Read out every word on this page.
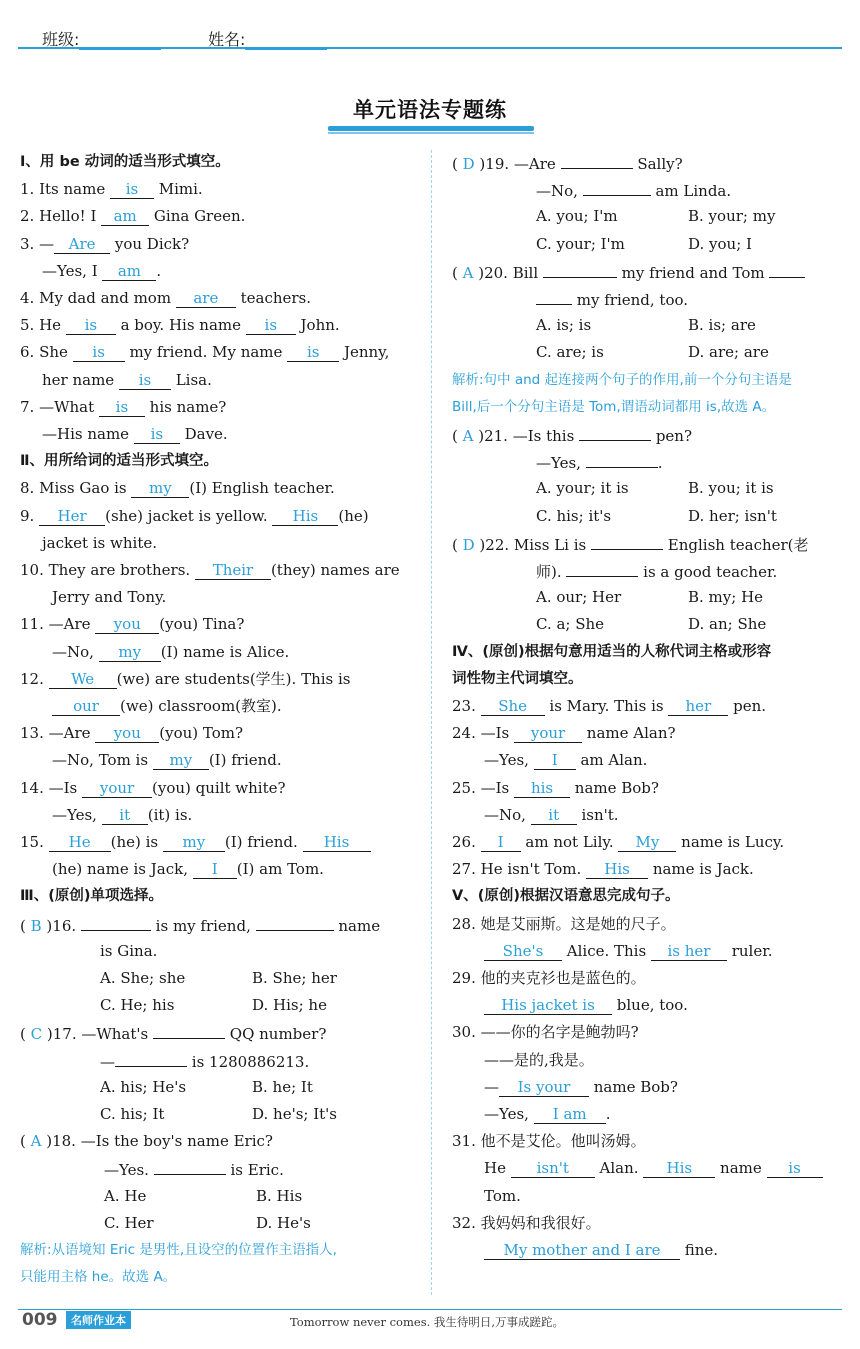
班级:	姓名:
单元语法专题练
Ⅰ、用 be 动词的适当形式填空。
1. Its name is Mimi.
2. Hello! I am Gina Green.
3. — Are you Dick?
—Yes, I am .
4. My dad and mom are teachers.
5. He is a boy. His name is John.
6. She is my friend. My name is Jenny,
her name is Lisa.
7. —What is his name?
—His name is Dave.
Ⅱ、用所给词的适当形式填空。
8. Miss Gao is my (I) English teacher.
9. Her (she) jacket is yellow. His (he)
jacket is white.
10. They are brothers. Their (they) names are
Jerry and Tony.
11. —Are you (you) Tina?
—No, my (I) name is Alice.
12. We (we) are students(学生). This is
our (we) classroom(教室).
13. —Are you (you) Tom?
—No, Tom is my (I) friend.
14. —Is your (you) quilt white?
—Yes, it (it) is.
15. He (he) is my (I) friend. His
(he) name is Jack, I (I) am Tom.
Ⅲ、(原创)单项选择。
( B )16.	is my friend,	name
is Gina.
A. She; she	B. She; her
C. He; his	D. His; he
( C )17. —What's	QQ number?
—	is 1280886213.
A. his; He's	B. he; It
C. his; It	D. he's; It's
( A )18. —Is the boy's name Eric?
—Yes.	is Eric.
A. He	B. His
C. Her	D. He's
解析:从语境知 Eric 是男性,且设空的位置作主语指人,
只能用主格 he。故选 A。
( D )19. —Are	Sally?
—No,	am Linda.
A. you; I'm	B. your; my
C. your; I'm	D. you; I
( A )20. Bill	my friend and Tom
my friend, too.
A. is; is	B. is; are
C. are; is	D. are; are
解析:句中 and 起连接两个句子的作用,前一个分句主语是
Bill,后一个分句主语是 Tom,谓语动词都用 is,故选 A。
( A )21. —Is this	pen?
—Yes,	.
A. your; it is	B. you; it is
C. his; it's	D. her; isn't
( D )22. Miss Li is	English teacher(老
师).	is a good teacher.
A. our; Her	B. my; He
C. a; She	D. an; She
Ⅳ、(原创)根据句意用适当的人称代词主格或形容
词性物主代词填空。
23. She is Mary. This is her pen.
24. —Is your name Alan?
—Yes, I am Alan.
25. —Is his name Bob?
—No, it isn't.
26. I am not Lily. My name is Lucy.
27. He isn't Tom. His name is Jack.
Ⅴ、(原创)根据汉语意思完成句子。
28. 她是艾丽斯。这是她的尺子。
She's Alice. This is her ruler.
29. 他的夹克衫也是蓝色的。
His jacket is blue, too.
30. ——你的名字是鲍勃吗?
——是的,我是。
— Is your name Bob?
—Yes, I am .
31. 他不是艾伦。他叫汤姆。
He isn't Alan. His name is
Tom.
32. 我妈妈和我很好。
My mother and I are fine.
009	名师作业本	Tomorrow never comes. 我生待明日,万事成蹉跎。
